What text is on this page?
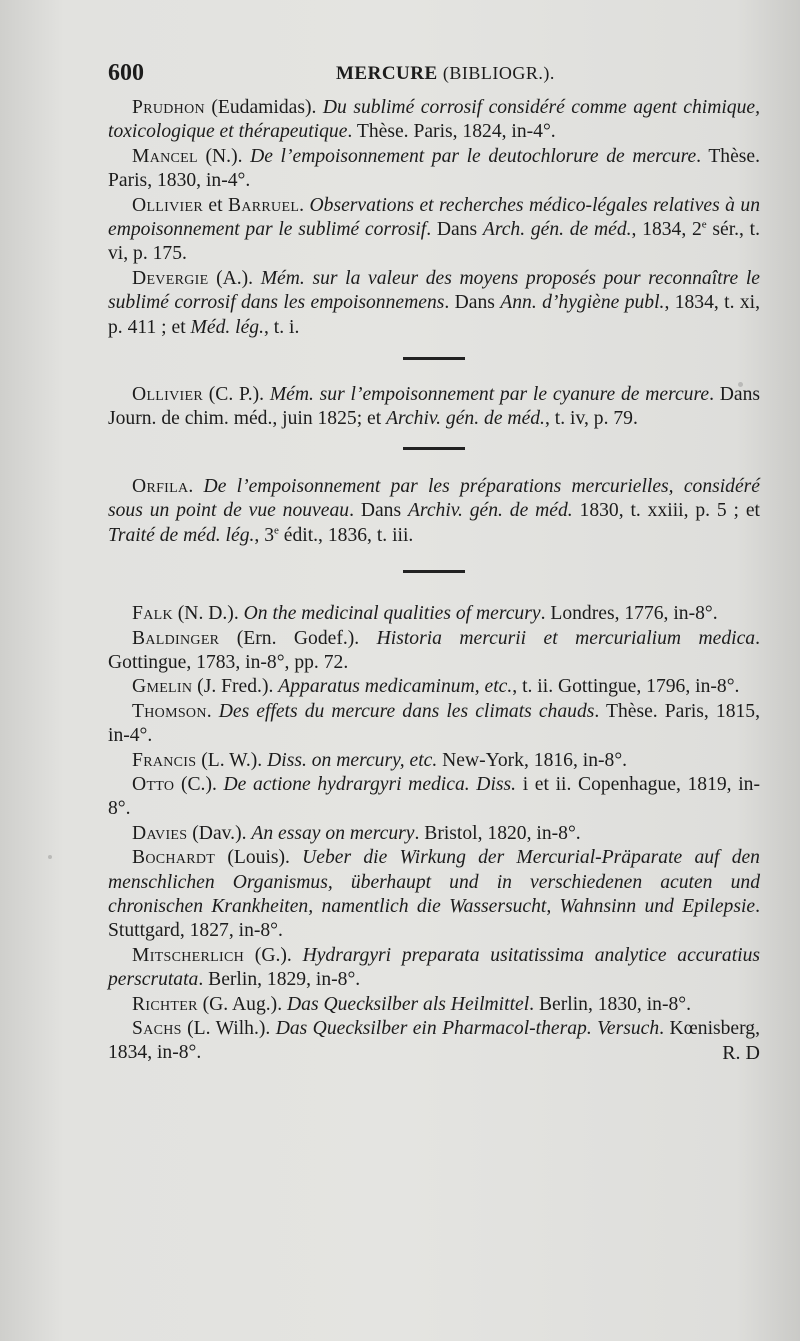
600	MERCURE (BIBLIOGR.).

Prudhon (Eudamidas). Du sublimé corrosif considéré comme agent chimique, toxicologique et thérapeutique. Thèse. Paris, 1824, in-4°.

Mancel (N.). De l’empoisonnement par le deutochlorure de mercure. Thèse. Paris, 1830, in-4°.

Ollivier et Barruel. Observations et recherches médico-légales relatives à un empoisonnement par le sublimé corrosif. Dans Arch. gén. de méd., 1834, 2e sér., t. vi, p. 175.

Devergie (A.). Mém. sur la valeur des moyens proposés pour reconnaître le sublimé corrosif dans les empoisonnemens. Dans Ann. d’hygiène publ., 1834, t. xi, p. 411 ; et Méd. lég., t. i.

Ollivier (C. P.). Mém. sur l’empoisonnement par le cyanure de mercure. Dans Journ. de chim. méd., juin 1825; et Archiv. gén. de méd., t. iv, p. 79.

Orfila. De l’empoisonnement par les préparations mercurielles, considéré sous un point de vue nouveau. Dans Archiv. gén. de méd. 1830, t. xxiii, p. 5 ; et Traité de méd. lég., 3e édit., 1836, t. iii.

Falk (N. D.). On the medicinal qualities of mercury. Londres, 1776, in-8°.

Baldinger (Ern. Godef.). Historia mercurii et mercurialium medica. Gottingue, 1783, in-8°, pp. 72.

Gmelin (J. Fred.). Apparatus medicaminum, etc., t. ii. Gottingue, 1796, in-8°.

Thomson. Des effets du mercure dans les climats chauds. Thèse. Paris, 1815, in-4°.

Francis (L. W.). Diss. on mercury, etc. New-York, 1816, in-8°.

Otto (C.). De actione hydrargyri medica. Diss. i et ii. Copenhague, 1819, in-8°.

Davies (Dav.). An essay on mercury. Bristol, 1820, in-8°.

Bochardt (Louis). Ueber die Wirkung der Mercurial-Präparate auf den menschlichen Organismus, überhaupt und in verschiedenen acuten und chronischen Krankheiten, namentlich die Wassersucht, Wahnsinn und Epilepsie. Stuttgard, 1827, in-8°.

Mitscherlich (G.). Hydrargyri preparata usitatissima analytice accuratius perscrutata. Berlin, 1829, in-8°.

Richter (G. Aug.). Das Quecksilber als Heilmittel. Berlin, 1830, in-8°.

Sachs (L. Wilh.). Das Quecksilber ein Pharmacol-therap. Versuch. Kœnisberg, 1834, in-8°.	R. D
